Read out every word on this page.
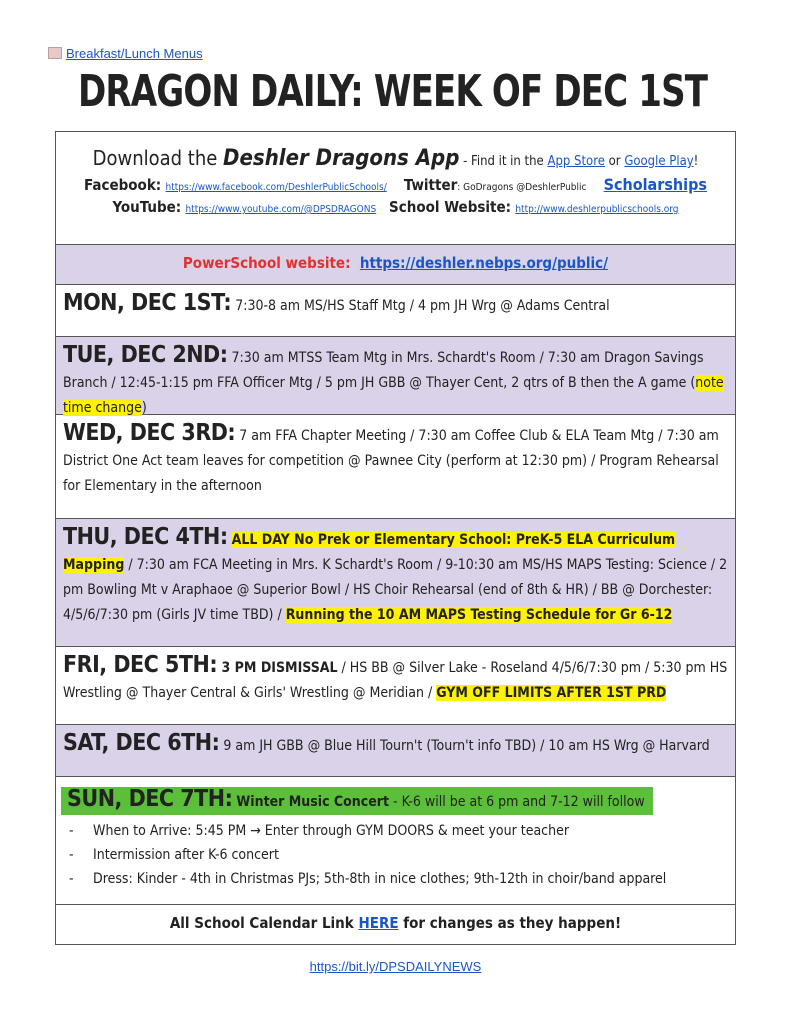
Breakfast/Lunch Menus
DRAGON DAILY: WEEK OF DEC 1ST
Download the Deshler Dragons App - Find it in the App Store or Google Play!
Facebook: https://www.facebook.com/DeshlerPublicSchools/ Twitter: GoDragons @DeshlerPublic Scholarships
YouTube: https://www.youtube.com/@DPSDRAGONS School Website: http://www.deshlerpublicschools.org
PowerSchool website: https://deshler.nebps.org/public/
MON, DEC 1ST: 7:30-8 am MS/HS Staff Mtg / 4 pm JH Wrg @ Adams Central
TUE, DEC 2ND: 7:30 am MTSS Team Mtg in Mrs. Schardt's Room / 7:30 am Dragon Savings Branch / 12:45-1:15 pm FFA Officer Mtg / 5 pm JH GBB @ Thayer Cent, 2 qtrs of B then the A game (note time change)
WED, DEC 3RD: 7 am FFA Chapter Meeting / 7:30 am Coffee Club & ELA Team Mtg / 7:30 am District One Act team leaves for competition @ Pawnee City (perform at 12:30 pm) / Program Rehearsal for Elementary in the afternoon
THU, DEC 4TH: ALL DAY No Prek or Elementary School: PreK-5 ELA Curriculum Mapping / 7:30 am FCA Meeting in Mrs. K Schardt's Room / 9-10:30 am MS/HS MAPS Testing: Science / 2 pm Bowling Mt v Araphaoe @ Superior Bowl / HS Choir Rehearsal (end of 8th & HR) / BB @ Dorchester: 4/5/6/7:30 pm (Girls JV time TBD) / Running the 10 AM MAPS Testing Schedule for Gr 6-12
FRI, DEC 5TH: 3 PM DISMISSAL / HS BB @ Silver Lake - Roseland 4/5/6/7:30 pm / 5:30 pm HS Wrestling @ Thayer Central & Girls' Wrestling @ Meridian / GYM OFF LIMITS AFTER 1ST PRD
SAT, DEC 6TH: 9 am JH GBB @ Blue Hill Tourn't (Tourn't info TBD) / 10 am HS Wrg @ Harvard
SUN, DEC 7TH: Winter Music Concert - K-6 will be at 6 pm and 7-12 will follow
- When to Arrive: 5:45 PM → Enter through GYM DOORS & meet your teacher
- Intermission after K-6 concert
- Dress: Kinder - 4th in Christmas PJs; 5th-8th in nice clothes; 9th-12th in choir/band apparel
All School Calendar Link HERE for changes as they happen!
https://bit.ly/DPSDAILYNEWS
